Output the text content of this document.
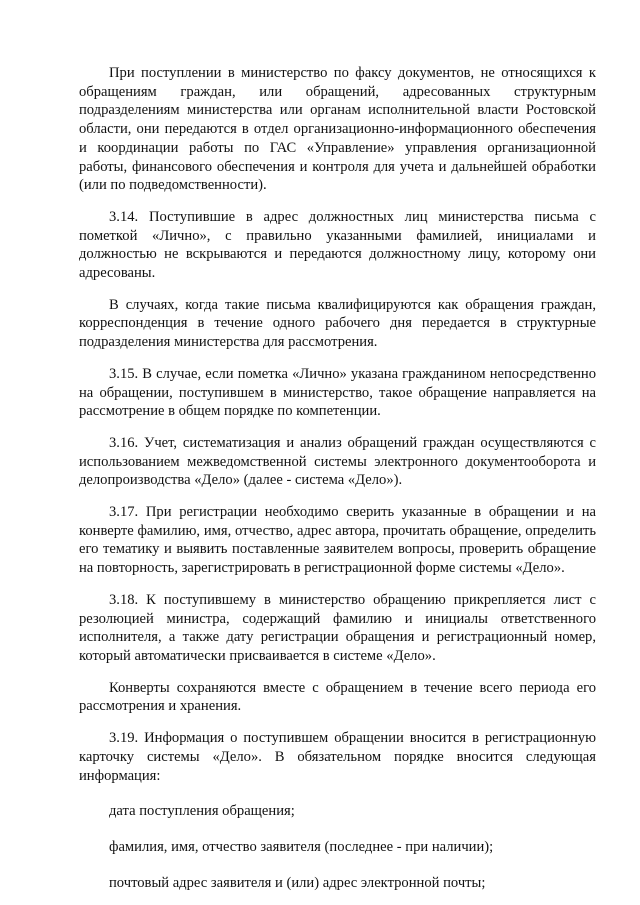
При поступлении в министерство по факсу документов, не относящихся к обращениям граждан, или обращений, адресованных структурным подразделениям министерства или органам исполнительной власти Ростовской области, они передаются в отдел организационно-информационного обеспечения и координации работы по ГАС «Управление» управления организационной работы, финансового обеспечения и контроля для учета и дальнейшей обработки (или по подведомственности).

3.14. Поступившие в адрес должностных лиц министерства письма с пометкой «Лично», с правильно указанными фамилией, инициалами и должностью не вскрываются и передаются должностному лицу, которому они адресованы.

В случаях, когда такие письма квалифицируются как обращения граждан, корреспонденция в течение одного рабочего дня передается в структурные подразделения министерства для рассмотрения.

3.15. В случае, если пометка «Лично» указана гражданином непосредственно на обращении, поступившем в министерство, такое обращение направляется на рассмотрение в общем порядке по компетенции.

3.16. Учет, систематизация и анализ обращений граждан осуществляются с использованием межведомственной системы электронного документооборота и делопроизводства «Дело» (далее - система «Дело»).

3.17. При регистрации необходимо сверить указанные в обращении и на конверте фамилию, имя, отчество, адрес автора, прочитать обращение, определить его тематику и выявить поставленные заявителем вопросы, проверить обращение на повторность, зарегистрировать в регистрационной форме системы «Дело».

3.18. К поступившему в министерство обращению прикрепляется лист с резолюцией министра, содержащий фамилию и инициалы ответственного исполнителя, а также дату регистрации обращения и регистрационный номер, который автоматически присваивается в системе «Дело».

Конверты сохраняются вместе с обращением в течение всего периода его рассмотрения и хранения.

3.19. Информация о поступившем обращении вносится в регистрационную карточку системы «Дело». В обязательном порядке вносится следующая информация:

дата поступления обращения;

фамилия, имя, отчество заявителя (последнее - при наличии);

почтовый адрес заявителя и (или) адрес электронной почты;
